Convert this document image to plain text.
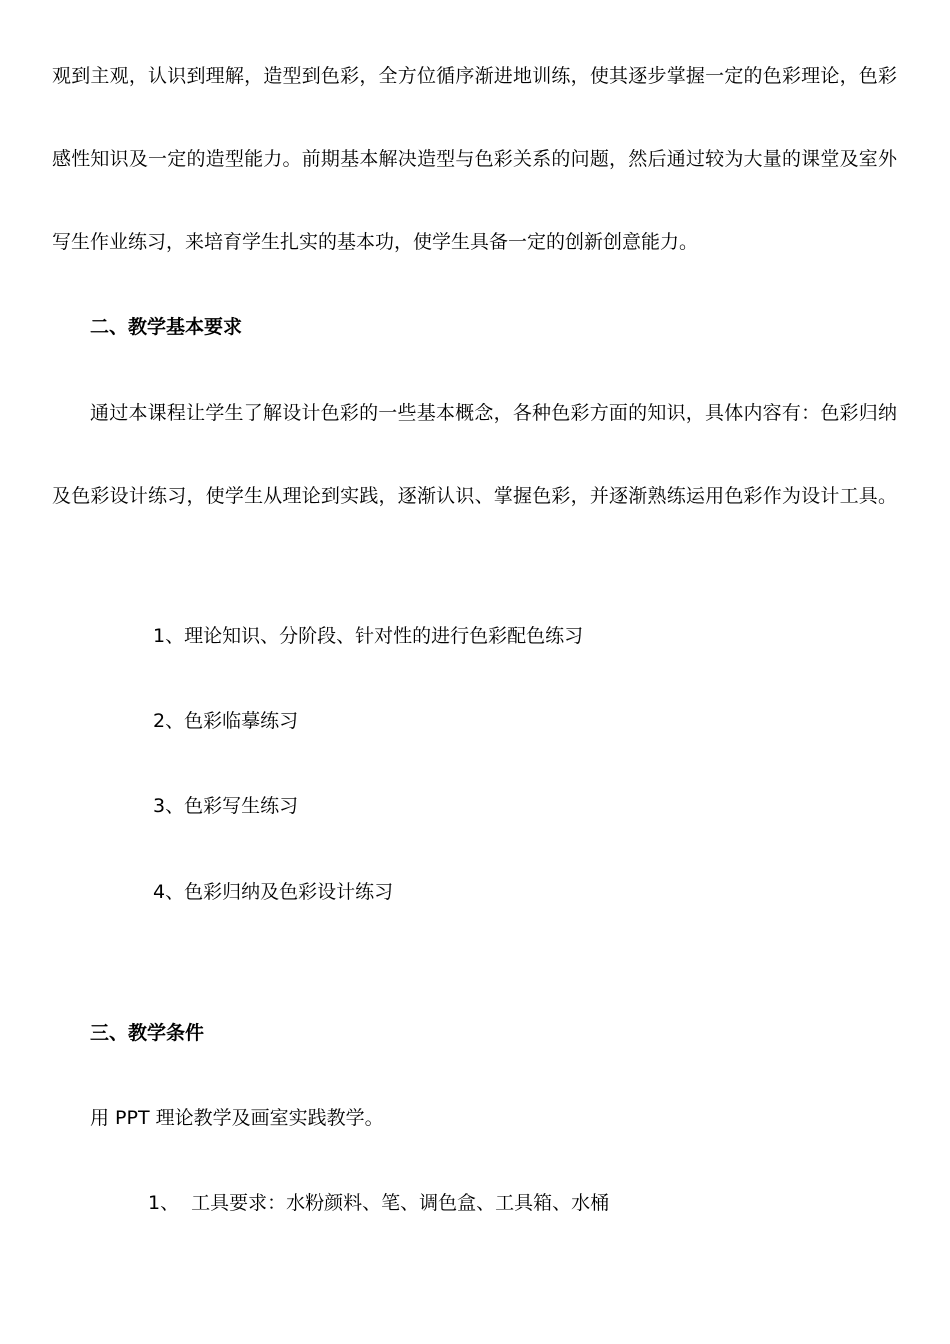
观到主观，认识到理解，造型到色彩，全方位循序渐进地训练，使其逐步掌握一定的色彩理论，色彩
感性知识及一定的造型能力。前期基本解决造型与色彩关系的问题，然后通过较为大量的课堂及室外
写生作业练习，来培育学生扎实的基本功，使学生具备一定的创新创意能力。
二、教学基本要求
通过本课程让学生了解设计色彩的一些基本概念，各种色彩方面的知识，具体内容有：色彩归纳
及色彩设计练习，使学生从理论到实践，逐渐认识、掌握色彩，并逐渐熟练运用色彩作为设计工具。
1、理论知识、分阶段、针对性的进行色彩配色练习
2、色彩临摹练习
3、色彩写生练习
4、色彩归纳及色彩设计练习
三、教学条件
用 PPT 理论教学及画室实践教学。
1、  工具要求：水粉颜料、笔、调色盒、工具箱、水桶
